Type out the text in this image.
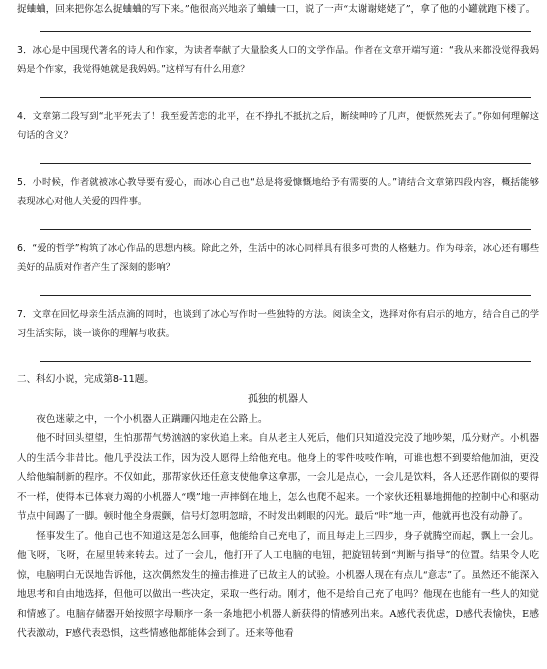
捉蛐蛐，回来把你怎么捉蛐蛐的写下来。”他很高兴地亲了蛐蛐一口，说了一声“太谢谢姥姥了”，拿了他的小罐就跑下楼了。

3．冰心是中国现代著名的诗人和作家，为读者奉献了大量脍炙人口的文学作品。作者在文章开端写道：“我从来都没觉得我妈妈是个作家，我觉得她就是我妈妈。”这样写有什么用意？

4．文章第二段写到“北平死去了！我至爱苦恋的北平，在不挣扎不抵抗之后，断续呻吟了几声，便恹然死去了。”你如何理解这句话的含义？

5．小时候，作者就被冰心教导要有爱心，而冰心自己也“总是将爱慷慨地给予有需要的人。”请结合文章第四段内容，概括能够表现冰心对他人关爱的四件事。

6．“爱的哲学”构筑了冰心作品的思想内核。除此之外，生活中的冰心同样具有很多可贵的人格魅力。作为母亲，冰心还有哪些美好的品质对作者产生了深刻的影响？

7．文章在回忆母亲生活点滴的同时，也谈到了冰心写作时一些独特的方法。阅读全文，选择对你有启示的地方，结合自己的学习生活实际，谈一谈你的理解与收获。

二、科幻小说，完成第8-11题。

孤独的机器人

夜色迷蒙之中，一个小机器人正蹒跚闪地走在公路上。

他不时回头望望，生怕那帮气势汹汹的家伙追上来。自从老主人死后，他们只知道没完没了地吵架，瓜分财产。小机器人的生活今非昔比。他几乎没法工作，因为没人愿得上给他充电。他身上的零件吱吱作响，可谁也想不到要给他加油，更没人给他编制新的程序。不仅如此，那帮家伙还任意支使他拿这拿那，一会儿是点心，一会儿是饮料，各人还恶作剧似的要得不一样，使得本已体衰力竭的小机器人“噗”地一声摔倒在地上，怎么也爬不起来。一个家伙还粗暴地拥他的控制中心和驱动节点中间踢了一脚。顿时他全身震颤，信号灯忽明忽暗，不时发出刺眼的闪光。最后“咔”地一声，他就再也没有动静了。

怪事发生了。他自己也不知道这是怎么回事，他能给自己充电了，而且每走上三四步，身子就腾空而起，飘上一会儿。他飞呀，飞呀，在屋里转来转去。过了一会儿，他打开了人工电脑的电钮，把旋钮转到“判断与指导”的位置。结果令人吃惊，电脑明白无误地告诉他，这次偶然发生的撞击推进了已故主人的试验。小机器人现在有点儿“意志”了。虽然还不能深入地思考和自由地选择，但他可以做出一些决定，采取一些行动。刚才，他不是给自己充了电吗？他现在也能有一些人的知觉和情感了。电脑存储器开始按照字母顺序一条一条地把小机器人新获得的情感列出来。A感代表优虑，D感代表愉快，E感代表激动，F感代表恐惧，这些情感他都能体会到了。还来等他看
